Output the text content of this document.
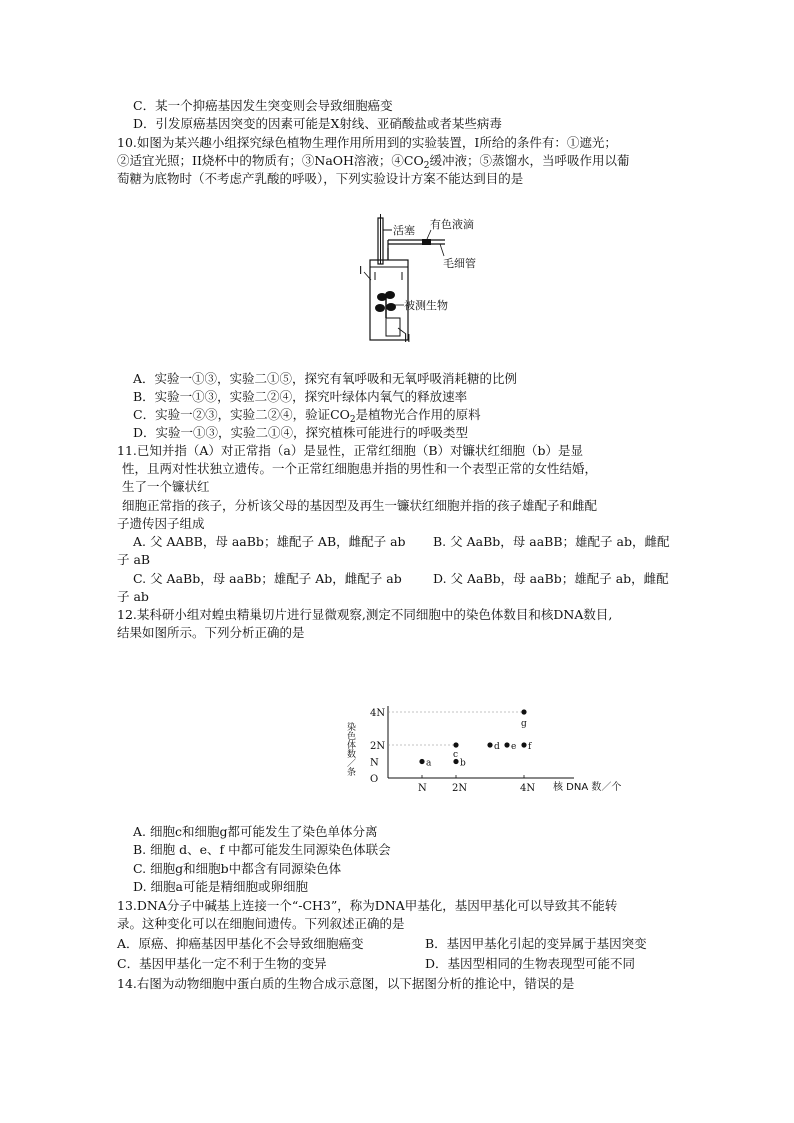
C．某一个抑癌基因发生突变则会导致细胞癌变
D．引发原癌基因突变的因素可能是X射线、亚硝酸盐或者某些病毒
10.如图为某兴趣小组探究绿色植物生理作用所用到的实验装置，I所给的条件有：①遮光；
②适宜光照；II烧杯中的物质有；③NaOH溶液；$④CO_2$缓冲液；⑤蒸馏水，当呼吸作用以葡
萄糖为底物时（不考虑产乳酸的呼吸），下列实验设计方案不能达到目的是
活塞 有色液滴
毛细管
I
被测生物
II
A．实验一①③，实验二①⑤，探究有氧呼吸和无氧呼吸消耗糖的比例
B．实验一①③，实验二②④，探究叶绿体内氧气的释放速率
C．实验一②③，实验二②④，验证$CO_2$是植物光合作用的原料
D．实验一①③，实验二①④，探究植株可能进行的呼吸类型
11.已知并指（A）对正常指（a）是显性，正常红细胞（B）对镰状红细胞（b）是显
性，且两对性状独立遗传。一个正常红细胞患并指的男性和一个表型正常的女性结婚，
生了一个镰状红
细胞正常指的孩子，分析该父母的基因型及再生一镰状红细胞并指的孩子雄配子和雌配
子遗传因子组成
A. 父 AABB，母 aaBb；雄配子 AB，雌配子 ab B. 父 AaBb，母 aaBB；雄配子 ab，雌配
子 aB
C. 父 AaBb，母 aaBb；雄配子 Ab，雌配子 ab	D. 父 AaBb，母 aaBb；雄配子 ab，雌配
子 ab
12.某科研小组对蝗虫精巢切片进行显微观察,测定不同细胞中的染色体数目和核DNA数目,
结果如图所示。下列分析正确的是
N	2N	4N
O
N
2N
4N
a	b
c
d e f
g
染色体数／条
核 DNA 数／个
A. 细胞c和细胞g都可能发生了染色单体分离
B. 细胞 d、e、f 中都可能发生同源染色体联会
C. 细胞g和细胞b中都含有同源染色体
D. 细胞a可能是精细胞或卵细胞
13.DNA分子中碱基上连接一个“-CH3”，称为DNA甲基化，基因甲基化可以导致其不能转
录。这种变化可以在细胞间遗传。下列叙述正确的是
A．原癌、抑癌基因甲基化不会导致细胞癌变	B．基因甲基化引起的变异属于基因突变
C．基因甲基化一定不利于生物的变异	D．基因型相同的生物表现型可能不同
14.右图为动物细胞中蛋白质的生物合成示意图，以下据图分析的推论中，错误的是
